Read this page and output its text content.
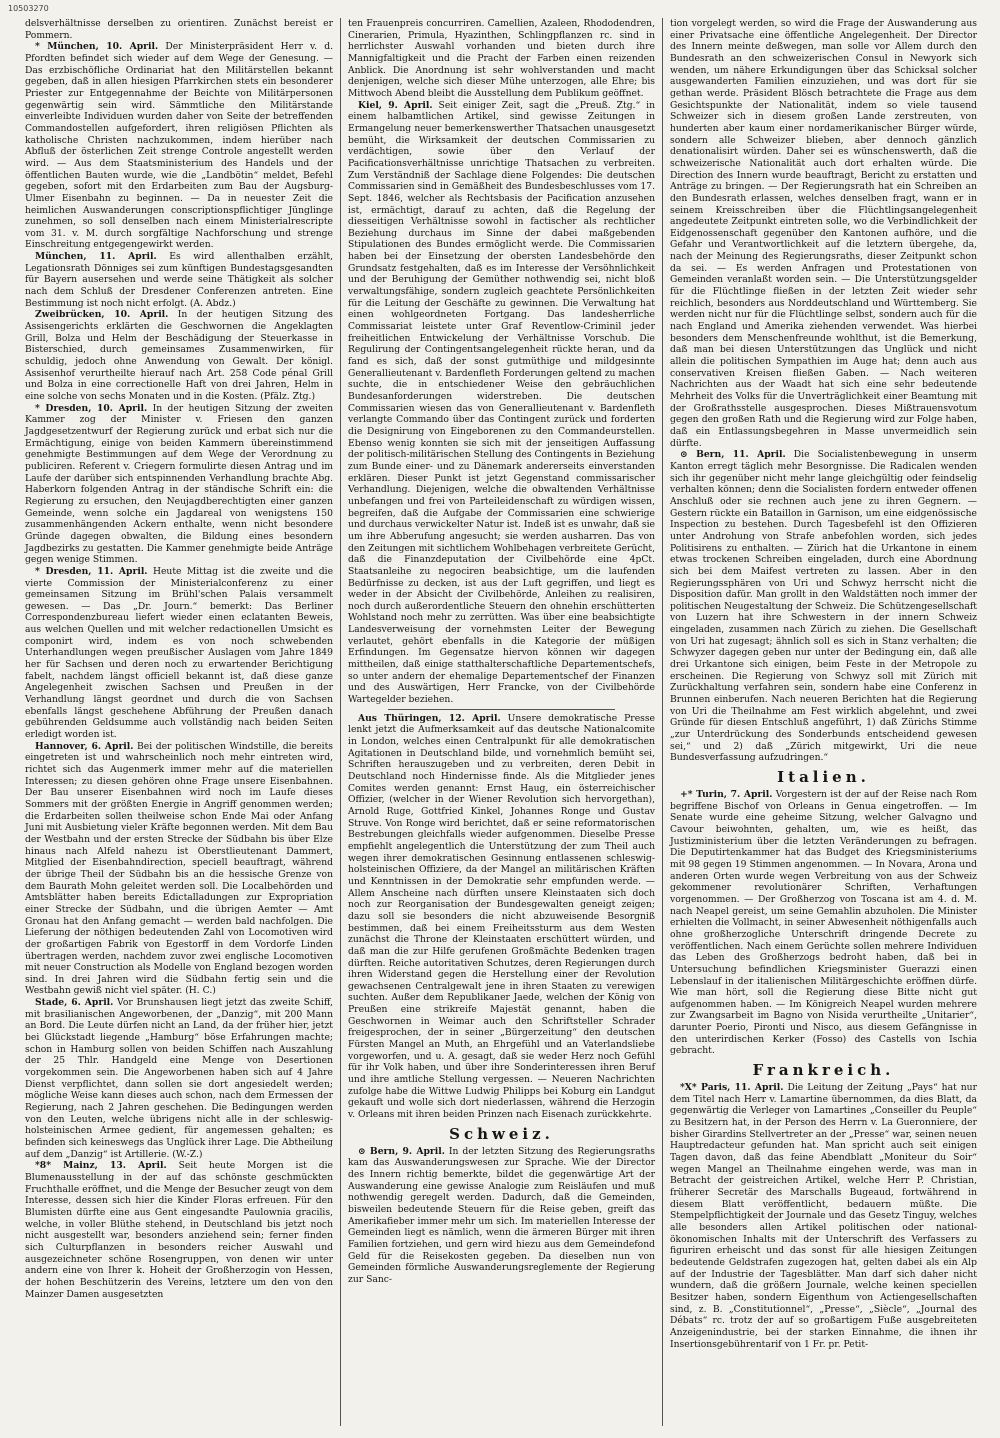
10503270

delsverhältnisse derselben zu orientiren. Zunächst bereist er Pommern.

* München, 10. April. Der Ministerpräsident Herr v. d. Pfordten befindet sich wieder auf dem Wege der Genesung. — Das erzbischöfliche Ordinariat hat den Militärstellen bekannt gegeben, daß in allen hiesigen Pfarrkirchen stets ein besonderer Priester zur Entgegennahme der Beichte von Militärpersonen gegenwärtig sein wird. Sämmtliche den Militärstande einverleibte Individuen wurden daher von Seite der betreffenden Commandostellen aufgefordert, ihren religiösen Pflichten als katholische Christen nachzukommen, indem hierüber nach Abfluß der österlichen Zeit strenge Controle angestellt werden wird. — Aus dem Staatsministerium des Handels und der öffentlichen Bauten wurde, wie die „Landbötin“ meldet, Befehl gegeben, sofort mit den Erdarbeiten zum Bau der Augsburg-Ulmer Eisenbahn zu beginnen. — Da in neuester Zeit die heimlichen Auswanderungen conscriptionspflichtiger Jünglinge zunehmen, so soll denselben nach einem Ministerialrescripte vom 31. v. M. durch sorgfältige Nachforschung und strenge Einschreitung entgegengewirkt werden.

München, 11. April. Es wird allenthalben erzählt, Legationsrath Dönniges sei zum künftigen Bundestagsgesandten für Bayern ausersehen und werde seine Thätigkeit als solcher nach dem Schluß der Dresdener Conferenzen antreten. Eine Bestimmung ist noch nicht erfolgt. (A. Abdz.)

Zweibrücken, 10. April. In der heutigen Sitzung des Assisengerichts erklärten die Geschwornen die Angeklagten Grill, Bolza und Helm der Beschädigung der Steuerkasse in Bisterschied, durch gemeinsames Zusammenwirken, für schuldig, jedoch ohne Anwendung von Gewalt. Der königl. Assisenhof verurtheilte hierauf nach Art. 258 Code pénal Grill und Bolza in eine correctionelle Haft von drei Jahren, Helm in eine solche von sechs Monaten und in die Kosten. (Pfälz. Ztg.)

* Dresden, 10. April. In der heutigen Sitzung der zweiten Kammer zog der Minister v. Friesen den ganzen Jagdgesetzentwurf der Regierung zurück und erbat sich nur die Ermächtigung, einige von beiden Kammern übereinstimmend genehmigte Bestimmungen auf dem Wege der Verordnung zu publiciren. Referent v. Criegern formulirte diesen Antrag und im Laufe der darüber sich entspinnenden Verhandlung brachte Abg. Haberkorn folgenden Antrag in der ständische Schrift ein: die Regierung zu ersuchen, den Neujagdberechtigten einer ganzen Gemeinde, wenn solche ein Jagdareal von wenigstens 150 zusammenhängenden Ackern enthalte, wenn nicht besondere Gründe dagegen obwalten, die Bildung eines besondern Jagdbezirks zu gestatten. Die Kammer genehmigte beide Anträge gegen wenige Stimmen.

* Dresden, 11. April. Heute Mittag ist die zweite und die vierte Commission der Ministerialconferenz zu einer gemeinsamen Sitzung im Brühl'schen Palais versammelt gewesen. — Das „Dr. Journ.“ bemerkt: Das Berliner Correspondenzbureau liefert wieder einen eclatanten Beweis, aus welchen Quellen und mit welcher redactionellen Umsicht es componirt wird, indem es von noch schwebenden Unterhandlungen wegen preußischer Auslagen vom Jahre 1849 her für Sachsen und deren noch zu erwartender Berichtigung fabelt, nachdem längst officiell bekannt ist, daß diese ganze Angelegenheit zwischen Sachsen und Preußen in der Verhandlung längst geordnet und durch die von Sachsen ebenfalls längst geschehene Abführung der Preußen danach gebührenden Geldsumme auch vollständig nach beiden Seiten erledigt worden ist.

Hannover, 6. April. Bei der politischen Windstille, die bereits eingetreten ist und wahrscheinlich noch mehr eintreten wird, richtet sich das Augenmerk immer mehr auf die materiellen Interessen; zu diesen gehören ohne Frage unsere Eisenbahnen. Der Bau unserer Eisenbahnen wird noch im Laufe dieses Sommers mit der größten Energie in Angriff genommen werden; die Erdarbeiten sollen theilweise schon Ende Mai oder Anfang Juni mit Ausbietung vieler Kräfte begonnen werden. Mit dem Bau der Westbahn und der ersten Strecke der Südbahn bis über Elze hinaus nach Alfeld nahezu ist Oberstlieutenant Dammert, Mitglied der Eisenbahndirection, speciell beauftragt, während der übrige Theil der Südbahn bis an die hessische Grenze von dem Baurath Mohn geleitet werden soll. Die Localbehörden und Amtsblätter haben bereits Edictalladungen zur Expropriation einer Strecke der Südbahn, und die übrigen Aemter — Amt Gronau hat den Anfang gemacht — werden bald nachfolgen. Die Lieferung der nöthigen bedeutenden Zahl von Locomotiven wird der großartigen Fabrik von Egestorff in dem Vordorfe Linden übertragen werden, nachdem zuvor zwei englische Locomotiven mit neuer Construction als Modelle von England bezogen worden sind. In drei Jahren wird die Südbahn fertig sein und die Westbahn gewiß nicht viel später. (H. C.)

Stade, 6. April. Vor Brunshausen liegt jetzt das zweite Schiff, mit brasilianischen Angeworbenen, der „Danzig“, mit 200 Mann an Bord. Die Leute dürfen nicht an Land, da der früher hier, jetzt bei Glückstadt liegende „Hamburg“ böse Erfahrungen machte; schon in Hamburg sollen von beiden Schiffen nach Auszahlung der 25 Thlr. Handgeld eine Menge von Desertionen vorgekommen sein. Die Angeworbenen haben sich auf 4 Jahre Dienst verpflichtet, dann sollen sie dort angesiedelt werden; mögliche Weise kann dieses auch schon, nach dem Ermessen der Regierung, nach 2 Jahren geschehen. Die Bedingungen werden von den Leuten, welche übrigens nicht alle in der schleswig-holsteinischen Armee gedient, für angemessen gehalten; es befinden sich keineswegs das Unglück ihrer Lage. Die Abtheilung auf dem „Danzig“ ist Artillerie. (W.-Z.)

*8* Mainz, 13. April. Seit heute Morgen ist die Blumenausstellung in der auf das schönste geschmückten Fruchthalle eröffnet, und die Menge der Besucher zeugt von dem Interesse, dessen sich hier die Kinder Floras erfreuen. Für den Blumisten dürfte eine aus Gent eingesandte Paulownia gracilis, welche, in voller Blüthe stehend, in Deutschland bis jetzt noch nicht ausgestellt war, besonders anziehend sein; ferner finden sich Culturpflanzen in besonders reicher Auswahl und ausgezeichneter schöne Rosengruppen, von denen wir unter andern eine von Ihrer k. Hoheit der Großherzogin von Hessen, der hohen Beschützerin des Vereins, letztere um den von den Mainzer Damen ausgesetzten

ten Frauenpreis concurriren. Camellien, Azaleen, Rhododendren, Cinerarien, Primula, Hyazinthen, Schlingpflanzen rc. sind in herrlichster Auswahl vorhanden und bieten durch ihre Mannigfaltigkeit und die Pracht der Farben einen reizenden Anblick. Die Anordnung ist sehr wohlverstanden und macht denjenigen, welche sich dieser Mühe unterzogen, alle Ehre; bis Mittwoch Abend bleibt die Ausstellung dem Publikum geöffnet.

Kiel, 9. April. Seit einiger Zeit, sagt die „Preuß. Ztg.“ in einem halbamtlichen Artikel, sind gewisse Zeitungen in Ermangelung neuer bemerkenswerther Thatsachen unausgesetzt bemüht, die Wirksamkeit der deutschen Commissarien zu verdächtigen, sowie über den Verlauf der Pacificationsverhältnisse unrichtige Thatsachen zu verbreiten. Zum Verständniß der Sachlage diene Folgendes: Die deutschen Commissarien sind in Gemäßheit des Bundesbeschlusses vom 17. Sept. 1846, welcher als Rechtsbasis der Pacification anzusehen ist, ermächtigt, darauf zu achten, daß die Regelung der diesseitigen Verhältnisse sowohl in factischer als rechtlicher Beziehung durchaus im Sinne der dabei maßgebenden Stipulationen des Bundes ermöglicht werde. Die Commissarien haben bei der Einsetzung der obersten Landesbehörde den Grundsatz festgehalten, daß es im Interesse der Versöhnlichkeit und der Beruhigung der Gemüther nothwendig sei, nicht bloß verwaltungsfähige, sondern zugleich geachtete Persönlichkeiten für die Leitung der Geschäfte zu gewinnen. Die Verwaltung hat einen wohlgeordneten Fortgang. Das landesherrliche Commissariat leistete unter Graf Reventlow-Criminil jeder freiheitlichen Entwickelung der Verhältnisse Vorschub. Die Regulirung der Contingentsangelegenheit rückte heran, und da fand es sich, daß der sonst gutmüthige und mildgesinnte Generallieutenant v. Bardenfleth Forderungen geltend zu machen suchte, die in entschiedener Weise den gebräuchlichen Bundesanforderungen widerstreben. Die deutschen Commissarien wiesen das von Generallieutenant v. Bardenfleth verlangte Commando über das Contingent zurück und forderten die Designirung von Eingeborenen zu den Commandeurstellen. Ebenso wenig konnten sie sich mit der jenseitigen Auffassung der politisch-militärischen Stellung des Contingents in Beziehung zum Bunde einer- und zu Dänemark andererseits einverstanden erklären. Dieser Punkt ist jetzt Gegenstand commissarischer Verhandlung. Diejenigen, welche die obwaltenden Verhältnisse unbefangen und frei von Parteileidenschaft zu würdigen wissen, begreifen, daß die Aufgabe der Commissarien eine schwierige und durchaus verwickelter Natur ist. Indeß ist es unwahr, daß sie um ihre Abberufung angesucht; sie werden ausharren. Das von den Zeitungen mit sichtlichem Wohlbehagen verbreitete Gerücht, daß die Finanzdeputation der Civilbehörde eine 4pCt. Staatsanleihe zu negociren beabsichtige, um die laufenden Bedürfnisse zu decken, ist aus der Luft gegriffen, und liegt es weder in der Absicht der Civilbehörde, Anleihen zu realisiren, noch durch außerordentliche Steuern den ohnehin erschütterten Wohlstand noch mehr zu zerrütten. Was über eine beabsichtigte Landesverweisung der vornehmsten Leiter der Bewegung verlautet, gehört ebenfalls in die Kategorie der müßigen Erfindungen. Im Gegensatze hiervon können wir dagegen mittheilen, daß einige statthalterschaftliche Departementschefs, so unter andern der ehemalige Departementschef der Finanzen und des Auswärtigen, Herr Francke, von der Civilbehörde Wartegelder beziehen.

Aus Thüringen, 12. April. Unsere demokratische Presse lenkt jetzt die Aufmerksamkeit auf das deutsche Nationalcomite in London, welches einen Centralpunkt für alle demokratischen Agitationen in Deutschland bilde, und vornehmlich bemüht sei, Schriften herauszugeben und zu verbreiten, deren Debit in Deutschland noch Hindernisse finde. Als die Mitglieder jenes Comites werden genannt: Ernst Haug, ein österreichischer Offizier, (welcher in der Wiener Revolution sich hervorgethan), Arnold Ruge, Gottfried Kinkel, Johannes Ronge und Gustav Struve. Von Ronge wird berichtet, daß er seine reformatorischen Bestrebungen gleichfalls wieder aufgenommen. Dieselbe Presse empfiehlt angelegentlich die Unterstützung der zum Theil auch wegen ihrer demokratischen Gesinnung entlassenen schleswig-holsteinischen Offiziere, da der Mangel an militärischen Kräften und Kenntnissen in der Demokratie sehr empfunden werde. — Allem Anscheine nach dürften unsere Kleinstaaten sich doch noch zur Reorganisation der Bundesgewalten geneigt zeigen; dazu soll sie besonders die nicht abzuweisende Besorgniß bestimmen, daß bei einem Freiheitssturm aus dem Westen zunächst die Throne der Kleinstaaten erschüttert würden, und daß man die zur Hilfe gerufenen Großmächte Bedenken tragen dürften. Reiche autoritativen Schutzes, deren Regierungen durch ihren Widerstand gegen die Herstellung einer der Revolution gewachsenen Centralgewalt jene in ihren Staaten zu verewigen suchten. Außer dem Republikaner Jaede, welchen der König von Preußen eine strikreife Majestät genannt, haben die Geschwornen in Weimar auch den Schriftsteller Schrader freigesprochen, der in seiner „Bürgerzeitung“ den deutschen Fürsten Mangel an Muth, an Ehrgefühl und an Vaterlandsliebe vorgeworfen, und u. A. gesagt, daß sie weder Herz noch Gefühl für ihr Volk haben, und über ihre Sonderinteressen ihren Beruf und ihre amtliche Stellung vergessen. — Neueren Nachrichten zufolge habe die Wittwe Ludwig Philipps bei Koburg ein Landgut gekauft und wolle sich dort niederlassen, während die Herzogin v. Orleans mit ihren beiden Prinzen nach Eisenach zurückkehrte.

Schweiz.

⊙ Bern, 9. April. In der letzten Sitzung des Regierungsraths kam das Auswanderungswesen zur Sprache. Wie der Director des Innern richtig bemerkte, bildet die gegenwärtige Art der Auswanderung eine gewisse Analogie zum Reisläufen und muß nothwendig geregelt werden. Dadurch, daß die Gemeinden, bisweilen bedeutende Steuern für die Reise geben, greift das Amerikafieber immer mehr um sich. Im materiellen Interesse der Gemeinden liegt es nämlich, wenn die ärmeren Bürger mit ihren Familien fortziehen, und gern wird hiezu aus dem Gemeindefond Geld für die Reisekosten gegeben. Da dieselben nun von Gemeinden förmliche Auswanderungsreglemente der Regierung zur Sanc-

tion vorgelegt werden, so wird die Frage der Auswanderung aus einer Privatsache eine öffentliche Angelegenheit. Der Director des Innern meinte deßwegen, man solle vor Allem durch den Bundesrath an den schweizerischen Consul in Newyork sich wenden, um nähere Erkundigungen über das Schicksal solcher ausgewanderten Familien einzuziehen, und was dort für sie gethan werde. Präsident Blösch betrachtete die Frage aus dem Gesichtspunkte der Nationalität, indem so viele tausend Schweizer sich in diesem großen Lande zerstreuten, von hunderten aber kaum einer nordamerikanischer Bürger würde, sondern alle Schweizer blieben, aber dennoch gänzlich denationalisirt würden. Daher sei es wünschenswerth, daß die schweizerische Nationalität auch dort erhalten würde. Die Direction des Innern wurde beauftragt, Bericht zu erstatten und Anträge zu bringen. — Der Regierungsrath hat ein Schreiben an den Bundesrath erlassen, welches denselben fragt, wann er in seinem Kreisschreiben über die Flüchtlingsangelegenheit angedeutete Zeitpunkt eintreten solle, wo die Verbindlichkeit der Eidgenossenschaft gegenüber den Kantonen aufhöre, und die Gefahr und Verantwortlichkeit auf die letztern übergehe, da, nach der Meinung des Regierungsraths, dieser Zeitpunkt schon da sei. — Es werden Anfragen und Protestationen von Gemeinden veranlaßt worden sein. — Die Unterstützungsgelder für die Flüchtlinge fließen in der letzten Zeit wieder sehr reichlich, besonders aus Norddeutschland und Württemberg. Sie werden nicht nur für die Flüchtlinge selbst, sondern auch für die nach England und Amerika ziehenden verwendet. Was hierbei besonders dem Menschenfreunde wohlthut, ist die Bemerkung, daß man bei diesen Unterstützungen das Unglück und nicht allein die politischen Sympathien im Auge hat; denn auch aus conservativen Kreisen fließen Gaben. — Nach weiteren Nachrichten aus der Waadt hat sich eine sehr bedeutende Mehrheit des Volks für die Unverträglichkeit einer Beamtung mit der Großrathsstelle ausgesprochen. Dieses Mißtrauensvotum gegen den großen Rath und die Regierung wird zur Folge haben, daß ein Entlassungsbegehren in Masse unvermeidlich sein dürfte.

⊙ Bern, 11. April. Die Socialistenbewegung in unserm Kanton erregt täglich mehr Besorgnisse. Die Radicalen wenden sich ihr gegenüber nicht mehr lange gleichgültig oder feindselig verhalten können; denn die Socialisten fordern entweder offenen Anschluß oder sie rechnen auch jene zu ihren Gegnern. — Gestern rückte ein Bataillon in Garnison, um eine eidgenössische Inspection zu bestehen. Durch Tagesbefehl ist den Offizieren unter Androhung von Strafe anbefohlen worden, sich jedes Politisirens zu enthalten. — Zürich hat die Urkantone in einem etwas trockenen Schreiben eingeladen, durch eine Abordnung sich bei dem Maifest vertreten zu lassen. Aber in den Regierungssphären von Uri und Schwyz herrscht nicht die Disposition dafür. Man grollt in den Waldstätten noch immer der politischen Neugestaltung der Schweiz. Die Schützengesellschaft von Luzern hat ihre Schwestern in der innern Schweiz eingeladen, zusammen nach Zürich zu ziehen. Die Gesellschaft von Uri hat zugesagt; ähnlich soll es sich in Stanz verhalten; die Schwyzer dagegen geben nur unter der Bedingung ein, daß alle drei Urkantone sich einigen, beim Feste in der Metropole zu erscheinen. Die Regierung von Schwyz soll mit Zürich mit Zurückhaltung verfahren sein, sondern habe eine Conferenz in Brunnen einberufen. Nach neueren Berichten hat die Regierung von Uri die Theilnahme am Fest wirklich abgelehnt, und zwei Gründe für diesen Entschluß angeführt, 1) daß Zürichs Stimme „zur Unterdrückung des Sonderbunds entscheidend gewesen sei,“ und 2) daß „Zürich mitgewirkt, Uri die neue Bundesverfassung aufzudringen.“

Italien.

+* Turin, 7. April. Vorgestern ist der auf der Reise nach Rom begriffene Bischof von Orleans in Genua eingetroffen. — Im Senate wurde eine geheime Sitzung, welcher Galvagno und Cavour beiwohnten, gehalten, um, wie es heißt, das Justizministerium über die letzten Veränderungen zu befragen. Die Deputirtenkammer hat das Budget des Kriegsministeriums mit 98 gegen 19 Stimmen angenommen. — In Novara, Arona und anderen Orten wurde wegen Verbreitung von aus der Schweiz gekommener revolutionärer Schriften, Verhaftungen vorgenommen. — Der Großherzog von Toscana ist am 4. d. M. nach Neapel gereist, um seine Gemahlin abzuholen. Die Minister erhielten die Vollmacht, in seiner Abwesenheit nöthigenfalls auch ohne großherzogliche Unterschrift dringende Decrete zu veröffentlichen. Nach einem Gerüchte sollen mehrere Individuen das Leben des Großherzogs bedroht haben, daß bei in Untersuchung befindlichen Kriegsminister Guerazzi einen Lebenslauf in der italienischen Militärgeschichte eröffnen dürfe. Wie man hört, soll die Regierung diese Bitte nicht gut aufgenommen haben. — Im Königreich Neapel wurden mehrere zur Zwangsarbeit im Bagno von Nisida verurtheilte „Unitarier“, darunter Poerio, Pironti und Nisco, aus diesem Gefängnisse in den unterirdischen Kerker (Fosso) des Castells von Ischia gebracht.

Frankreich.

*X* Paris, 11. April. Die Leitung der Zeitung „Pays“ hat nur dem Titel nach Herr v. Lamartine übernommen, da dies Blatt, da gegenwärtig die Verleger von Lamartines „Conseiller du Peuple“ zu Besitzern hat, in der Person des Herrn v. La Gueronniere, der bisher Girardins Stellvertreter an der „Presse“ war, seinen neuen Hauptredacteur gefunden hat. Man spricht auch seit einigen Tagen davon, daß das feine Abendblatt „Moniteur du Soir“ wegen Mangel an Theilnahme eingehen werde, was man in Betracht der geistreichen Artikel, welche Herr P. Christian, früherer Secretär des Marschalls Bugeaud, fortwährend in diesem Blatt veröffentlicht, bedauern müßte. Die Stempelpflichtigkeit der Journale und das Gesetz Tinguy, welches alle besonders allen Artikel politischen oder national-ökonomischen Inhalts mit der Unterschrift des Verfassers zu figuriren erheischt und das sonst für alle hiesigen Zeitungen bedeutende Geldstrafen zugezogen hat, gelten dabei als ein Alp auf der Industrie der Tagesblätter. Man darf sich daher nicht wundern, daß die größern Journale, welche keinen speciellen Besitzer haben, sondern Eigenthum von Actiengesellschaften sind, z. B. „Constitutionnel“, „Presse“, „Siècle“, „Journal des Débats“ rc. trotz der auf so großartigem Fuße ausgebreiteten Anzeigenindustrie, bei der starken Einnahme, die ihnen ihr Insertionsgebührentarif von 1 Fr. pr. Petit-
